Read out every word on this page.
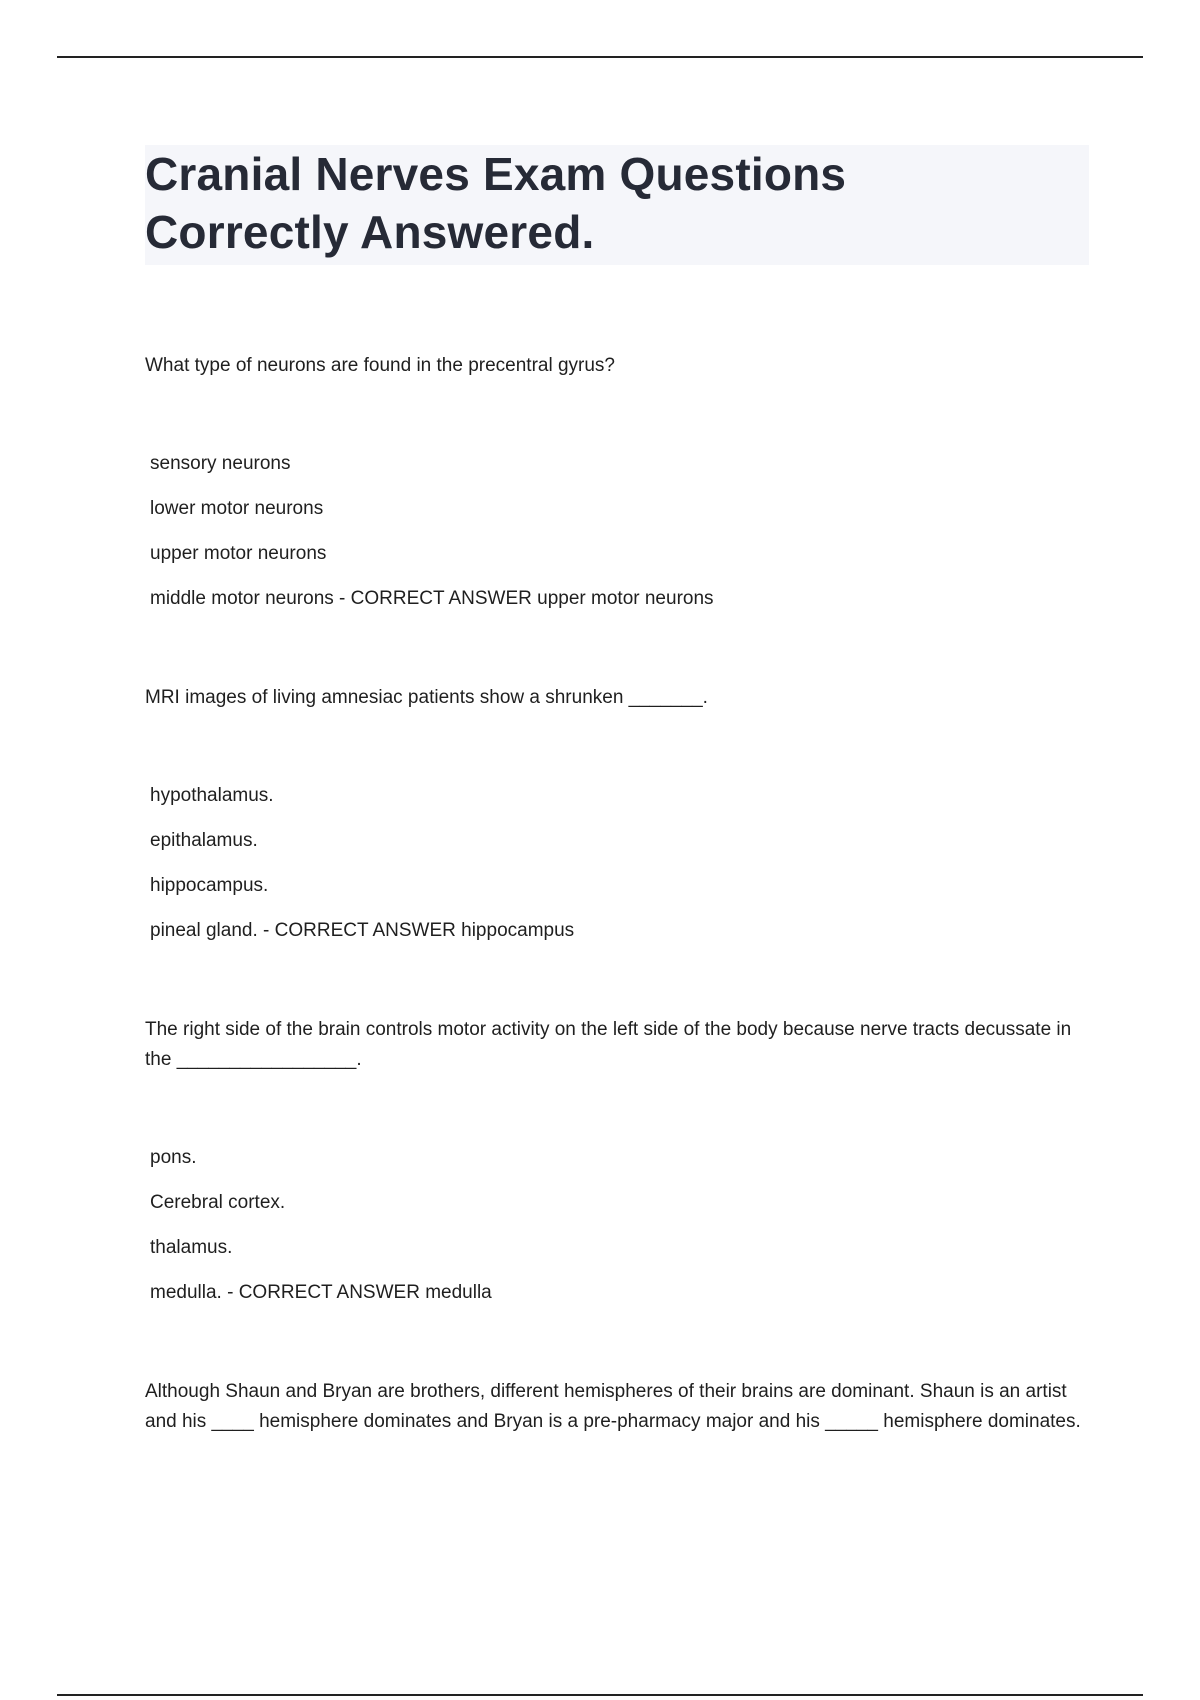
Cranial Nerves Exam Questions
Correctly Answered.

What type of neurons are found in the precentral gyrus?

sensory neurons

lower motor neurons

upper motor neurons

middle motor neurons - CORRECT ANSWER upper motor neurons

MRI images of living amnesiac patients show a shrunken _______.

hypothalamus.

epithalamus.

hippocampus.

pineal gland. - CORRECT ANSWER hippocampus

The right side of the brain controls motor activity on the left side of the body because nerve tracts decussate in the _________________.

pons.

Cerebral cortex.

thalamus.

medulla. - CORRECT ANSWER medulla

Although Shaun and Bryan are brothers, different hemispheres of their brains are dominant. Shaun is an artist and his ____ hemisphere dominates and Bryan is a pre-pharmacy major and his _____ hemisphere dominates.
